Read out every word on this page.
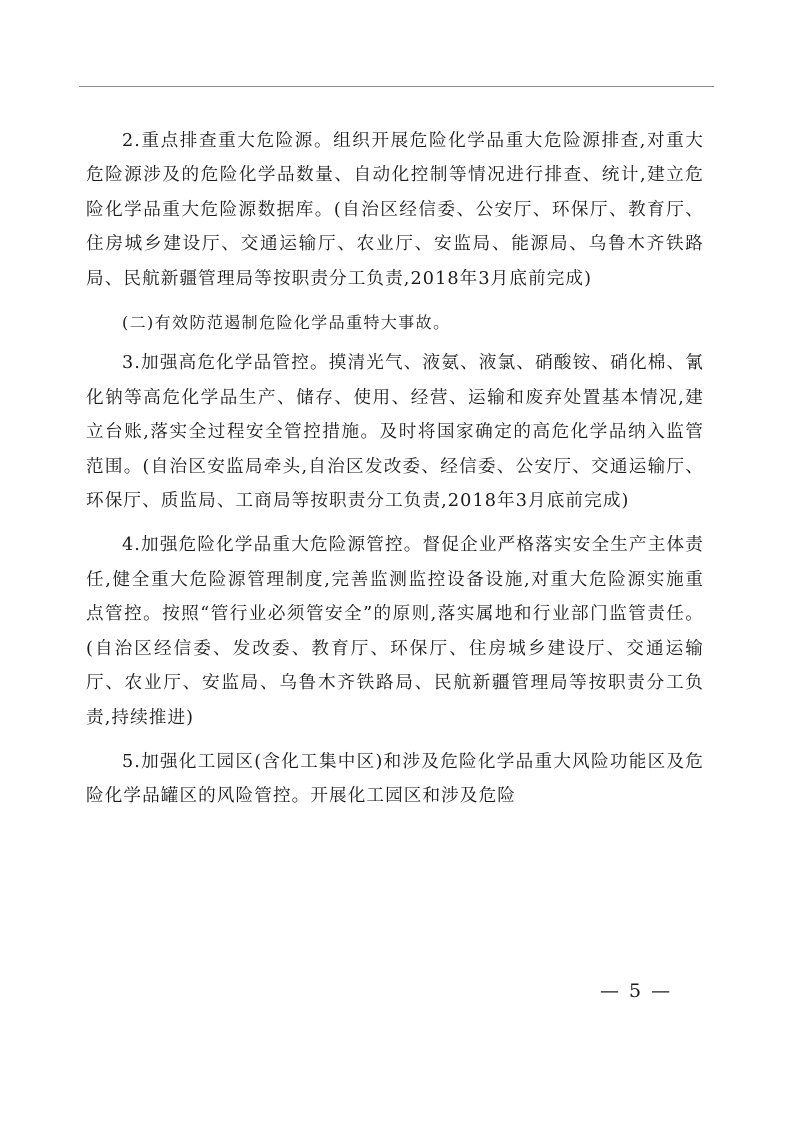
2.重点排查重大危险源。组织开展危险化学品重大危险源排查,对重大危险源涉及的危险化学品数量、自动化控制等情况进行排查、统计,建立危险化学品重大危险源数据库。(自治区经信委、公安厅、环保厅、教育厅、住房城乡建设厅、交通运输厅、农业厅、安监局、能源局、乌鲁木齐铁路局、民航新疆管理局等按职责分工负责,2018年3月底前完成)

(二)有效防范遏制危险化学品重特大事故。

3.加强高危化学品管控。摸清光气、液氨、液氯、硝酸铵、硝化棉、氰化钠等高危化学品生产、储存、使用、经营、运输和废弃处置基本情况,建立台账,落实全过程安全管控措施。及时将国家确定的高危化学品纳入监管范围。(自治区安监局牵头,自治区发改委、经信委、公安厅、交通运输厅、环保厅、质监局、工商局等按职责分工负责,2018年3月底前完成)

4.加强危险化学品重大危险源管控。督促企业严格落实安全生产主体责任,健全重大危险源管理制度,完善监测监控设备设施,对重大危险源实施重点管控。按照“管行业必须管安全”的原则,落实属地和行业部门监管责任。(自治区经信委、发改委、教育厅、环保厅、住房城乡建设厅、交通运输厅、农业厅、安监局、乌鲁木齐铁路局、民航新疆管理局等按职责分工负责,持续推进)

5.加强化工园区(含化工集中区)和涉及危险化学品重大风险功能区及危险化学品罐区的风险管控。开展化工园区和涉及危险

— 5 —
